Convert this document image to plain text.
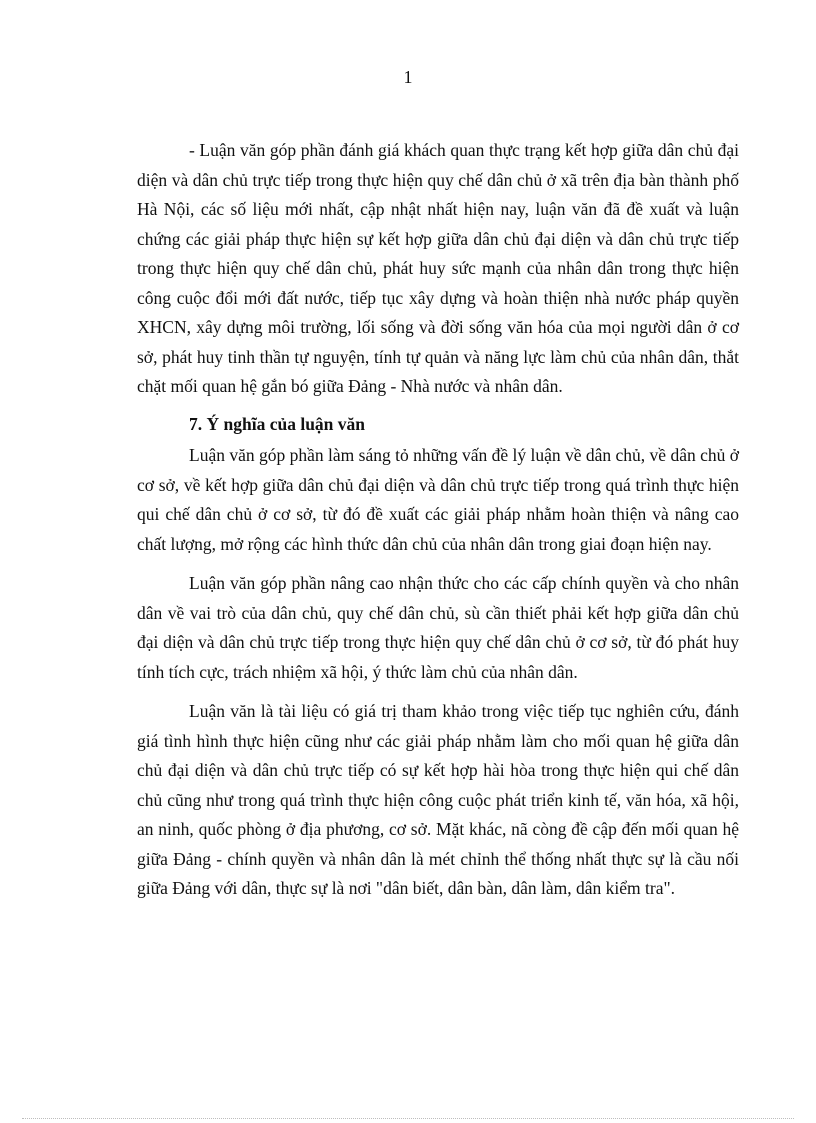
1

- Luận văn góp phần đánh giá khách quan thực trạng kết hợp giữa dân chủ đại diện và dân chủ trực tiếp trong thực hiện quy chế dân chủ ở xã trên địa bàn thành phố Hà Nội, các số liệu mới nhất, cập nhật nhất hiện nay, luận văn đã đề xuất và luận chứng các giải pháp thực hiện sự kết hợp giữa dân chủ đại diện và dân chủ trực tiếp trong thực hiện quy chế dân chủ, phát huy sức mạnh của nhân dân trong thực hiện công cuộc đổi mới đất nước, tiếp tục xây dựng và hoàn thiện nhà nước pháp quyền XHCN, xây dựng môi trường, lối sống và đời sống văn hóa của mọi người dân ở cơ sở, phát huy tinh thần tự nguyện, tính tự quản và năng lực làm chủ của nhân dân, thắt chặt mối quan hệ gắn bó giữa Đảng - Nhà nước và nhân dân.

7. Ý nghĩa của luận văn

Luận văn góp phần làm sáng tỏ những vấn đề lý luận về dân chủ, về dân chủ ở cơ sở, về kết hợp giữa dân chủ đại diện và dân chủ trực tiếp trong quá trình thực hiện qui chế dân chủ ở cơ sở, từ đó đề xuất các giải pháp nhằm hoàn thiện và nâng cao chất lượng, mở rộng các hình thức dân chủ của nhân dân trong giai đoạn hiện nay.

Luận văn góp phần nâng cao nhận thức cho các cấp chính quyền và cho nhân dân về vai trò của dân chủ, quy chế dân chủ, sù cần thiết phải kết hợp giữa dân chủ đại diện và dân chủ trực tiếp trong thực hiện quy chế dân chủ ở cơ sở, từ đó phát huy tính tích cực, trách nhiệm xã hội, ý thức làm chủ của nhân dân.

Luận văn là tài liệu có giá trị tham khảo trong việc tiếp tục nghiên cứu, đánh giá tình hình thực hiện cũng như các giải pháp nhằm làm cho mối quan hệ giữa dân chủ đại diện và dân chủ trực tiếp có sự kết hợp hài hòa trong thực hiện qui chế dân chủ cũng như trong quá trình thực hiện công cuộc phát triển kinh tế, văn hóa, xã hội, an ninh, quốc phòng ở địa phương, cơ sở. Mặt khác, nã còng đề cập đến mối quan hệ giữa Đảng - chính quyền và nhân dân là mét chỉnh thể thống nhất thực sự là cầu nối giữa Đảng với dân, thực sự là nơi "dân biết, dân bàn, dân làm, dân kiểm tra".
